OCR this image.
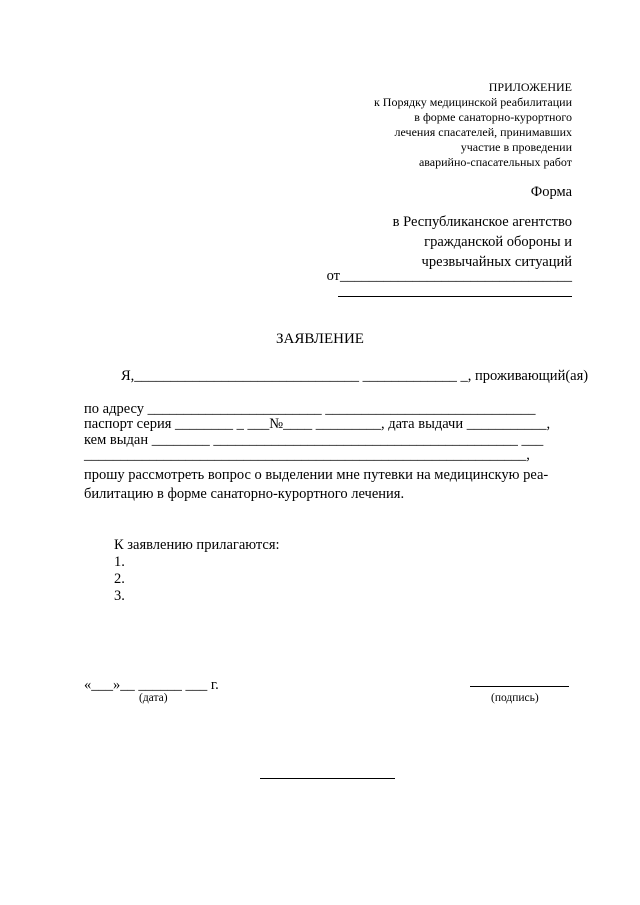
ПРИЛОЖЕНИЕ
к Порядку медицинской реабилитации
в форме санаторно-курортного
лечения спасателей, принимавших
участие в проведении
аварийно-спасательных работ
Форма
в Республиканское агентство
гражданской обороны и
чрезвычайных ситуаций
от________________________________
ЗАЯВЛЕНИЕ
Я,_______________________________ _____________ _, проживающий(ая)
по адресу ________________________ _____________________________
паспорт серия ________ _ ___№____ _________, дата выдачи ___________,
кем выдан ________ __________________________________________ ___
_____________________________________________________________,
прошу рассмотреть вопрос о выделении мне путевки на медицинскую реа-
билитацию в форме санаторно-курортного лечения.
К заявлению прилагаются:
1.
2.
3.
«___»__ ______ ___ г.
(дата)	(подпись)
